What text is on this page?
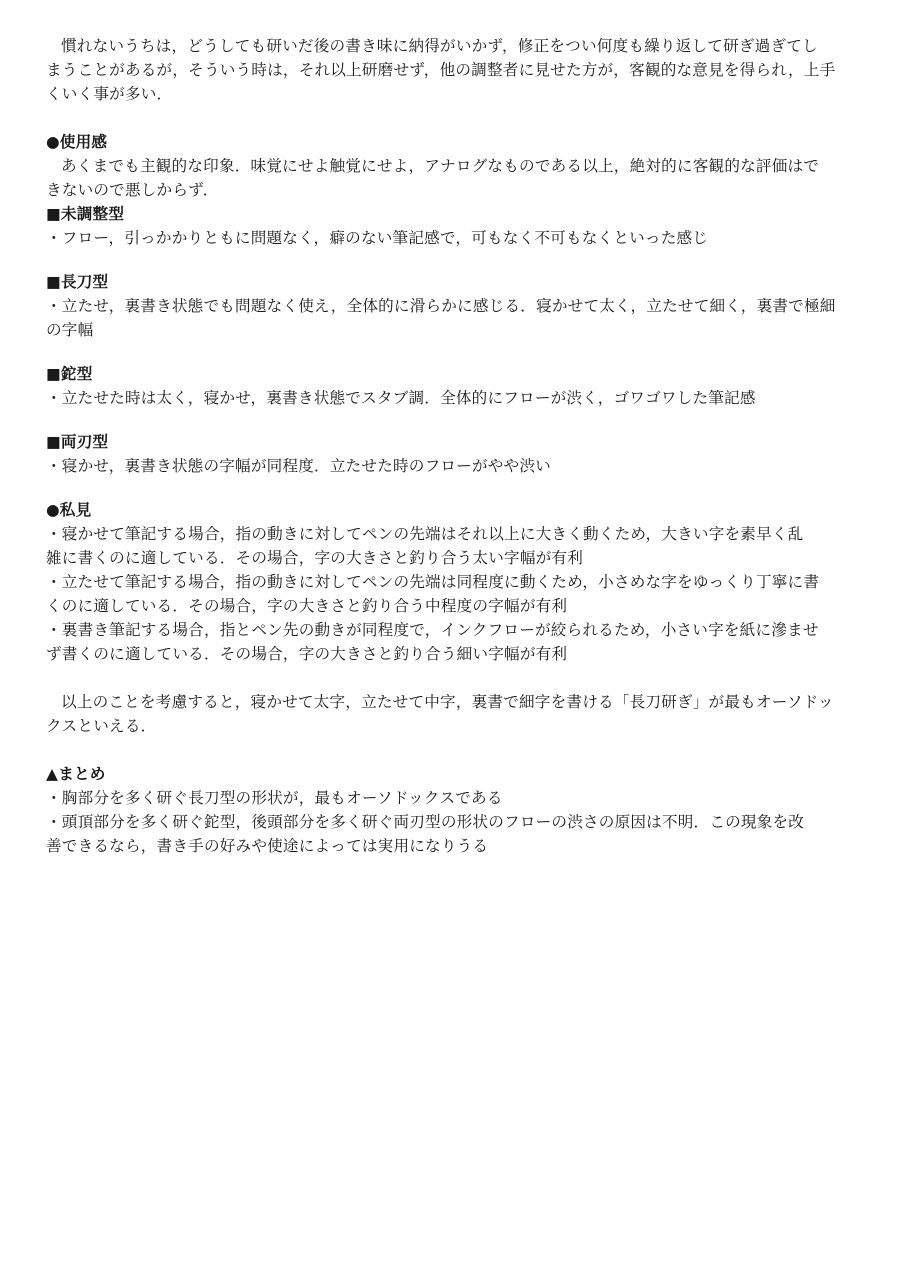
慣れないうちは，どうしても研いだ後の書き味に納得がいかず，修正をつい何度も繰り返して研ぎ過ぎてし
まうことがあるが，そういう時は，それ以上研磨せず，他の調整者に見せた方が，客観的な意見を得られ，上手
くいく事が多い．
●使用感
あくまでも主観的な印象．味覚にせよ触覚にせよ，アナログなものである以上，絶対的に客観的な評価はで
きないので悪しからず．
■未調整型
・フロー，引っかかりともに問題なく，癖のない筆記感で，可もなく不可もなくといった感じ
■長刀型
・立たせ，裏書き状態でも問題なく使え，全体的に滑らかに感じる．寝かせて太く，立たせて細く，裏書で極細
の字幅
■鉈型
・立たせた時は太く，寝かせ，裏書き状態でスタブ調．全体的にフローが渋く，ゴワゴワした筆記感
■両刃型
・寝かせ，裏書き状態の字幅が同程度．立たせた時のフローがやや渋い
●私見
・寝かせて筆記する場合，指の動きに対してペンの先端はそれ以上に大きく動くため，大きい字を素早く乱
雑に書くのに適している．その場合，字の大きさと釣り合う太い字幅が有利
・立たせて筆記する場合，指の動きに対してペンの先端は同程度に動くため，小さめな字をゆっくり丁寧に書
くのに適している．その場合，字の大きさと釣り合う中程度の字幅が有利
・裏書き筆記する場合，指とペン先の動きが同程度で，インクフローが絞られるため，小さい字を紙に滲ませ
ず書くのに適している．その場合，字の大きさと釣り合う細い字幅が有利
以上のことを考慮すると，寝かせて太字，立たせて中字，裏書で細字を書ける「長刀研ぎ」が最もオーソドッ
クスといえる．
▲まとめ
・胸部分を多く研ぐ長刀型の形状が，最もオーソドックスである
・頭頂部分を多く研ぐ鉈型，後頭部分を多く研ぐ両刃型の形状のフローの渋さの原因は不明．この現象を改
善できるなら，書き手の好みや使途によっては実用になりうる
